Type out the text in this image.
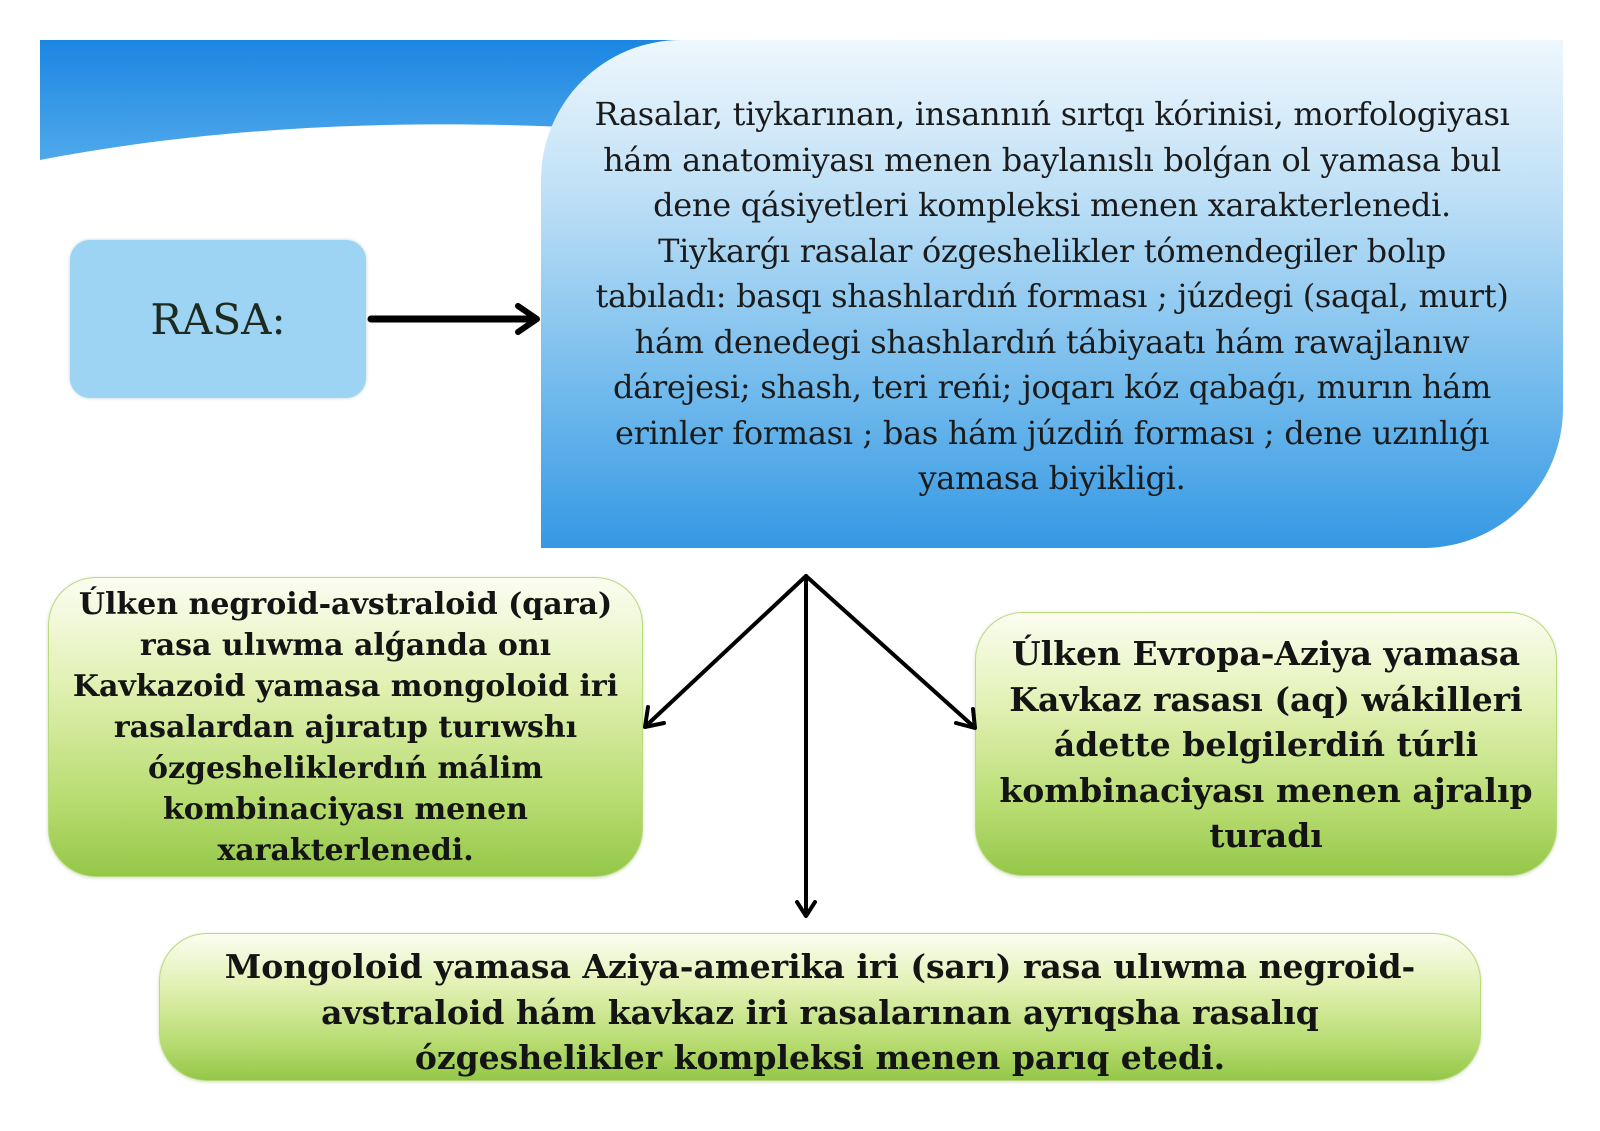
RASA:
Rasalar, tiykarınan, insannıń sırtqı kórinisi, morfologiyası hám anatomiyası menen baylanıslı bolǵan ol yamasa bul dene qásiyetleri kompleksi menen xarakterlenedi. Tiykarǵı rasalar ózgeshelikler tómendegiler bolıp tabıladı: basqı shashlardıń forması ; júzdegi (saqal, murt) hám denedegi shashlardıń tábiyaatı hám rawajlanıw dárejesi; shash, teri reńi; joqarı kóz qabaǵı, murın hám erinler forması ; bas hám júzdiń forması ; dene uzınlıǵı yamasa biyikligi.
Úlken negroid-avstraloid (qara) rasa ulıwma alǵanda onı Kavkazoid yamasa mongoloid iri rasalardan ajıratıp turıwshı ózgesheliklerdıń málim kombinaciyası menen xarakterlenedi.
Úlken Evropa-Aziya yamasa Kavkaz rasası (aq) wákilleri ádette belgilerdiń túrli kombinaciyası menen ajralıp turadı
Mongoloid yamasa Aziya-amerika iri (sarı) rasa ulıwma negroid-avstraloid hám kavkaz iri rasalarınan ayrıqsha rasalıq ózgeshelikler kompleksi menen parıq etedi.
